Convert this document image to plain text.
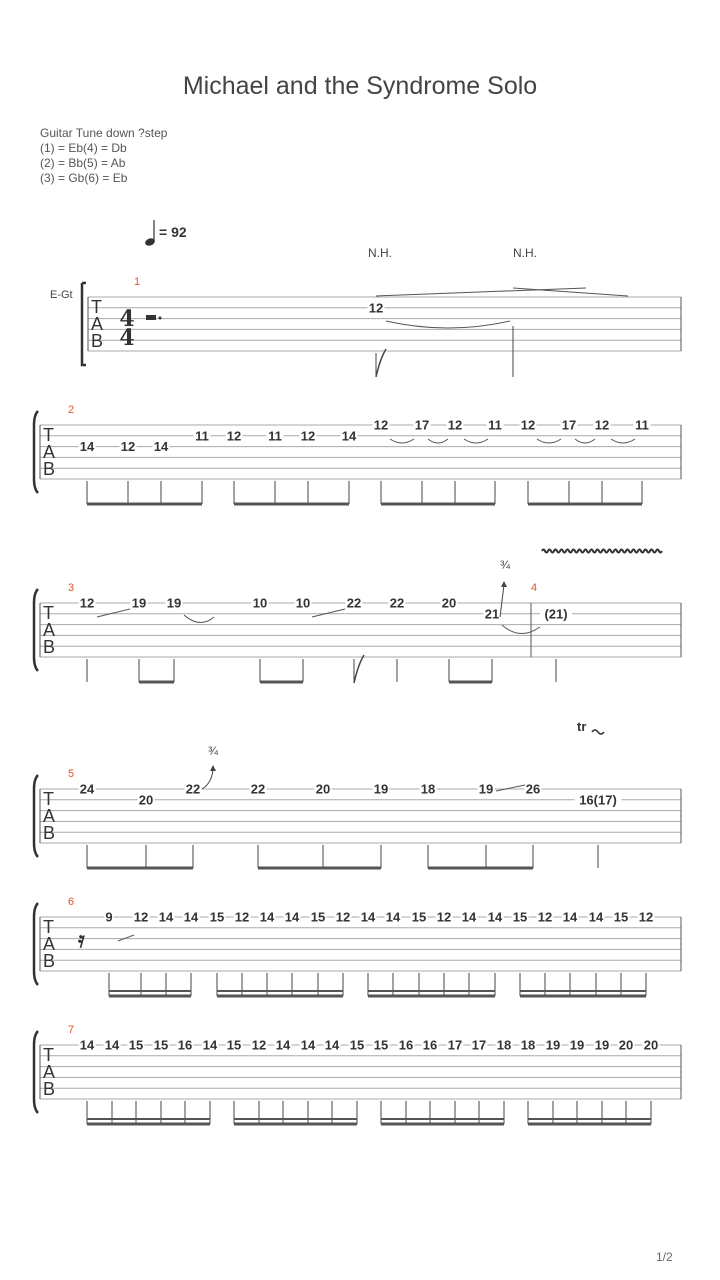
Michael and the Syndrome Solo
Guitar Tune down ?step
(1) = Eb(4) = Db
(2) = Bb(5) = Ab
(3) = Gb(6) = Eb
= 92
E-Gt
T
A
B
1
12
T
A
B
2
14 12 14
11 12 11 12 14
12 17 12 11 12 17 12 11
T
A
B
3	4
12	19 19	10 10	22 22	20
21	(21)
T
A
B
5
24
20
22	22	20	19	18	19	26
16(17)
T
A
B
6
9 12 14 14 15 12 14 14 15 12 14 14 15 12 14 14 15 12 14 14 15 12
T
A
B
7
14 14 15 15 16 14 15 12 14 14 14 15 15 16 16 17 17 18 18 19 19 19 20 20
4
4
N.H.	N.H.
¾
¾
tr
𝄿
1/2
